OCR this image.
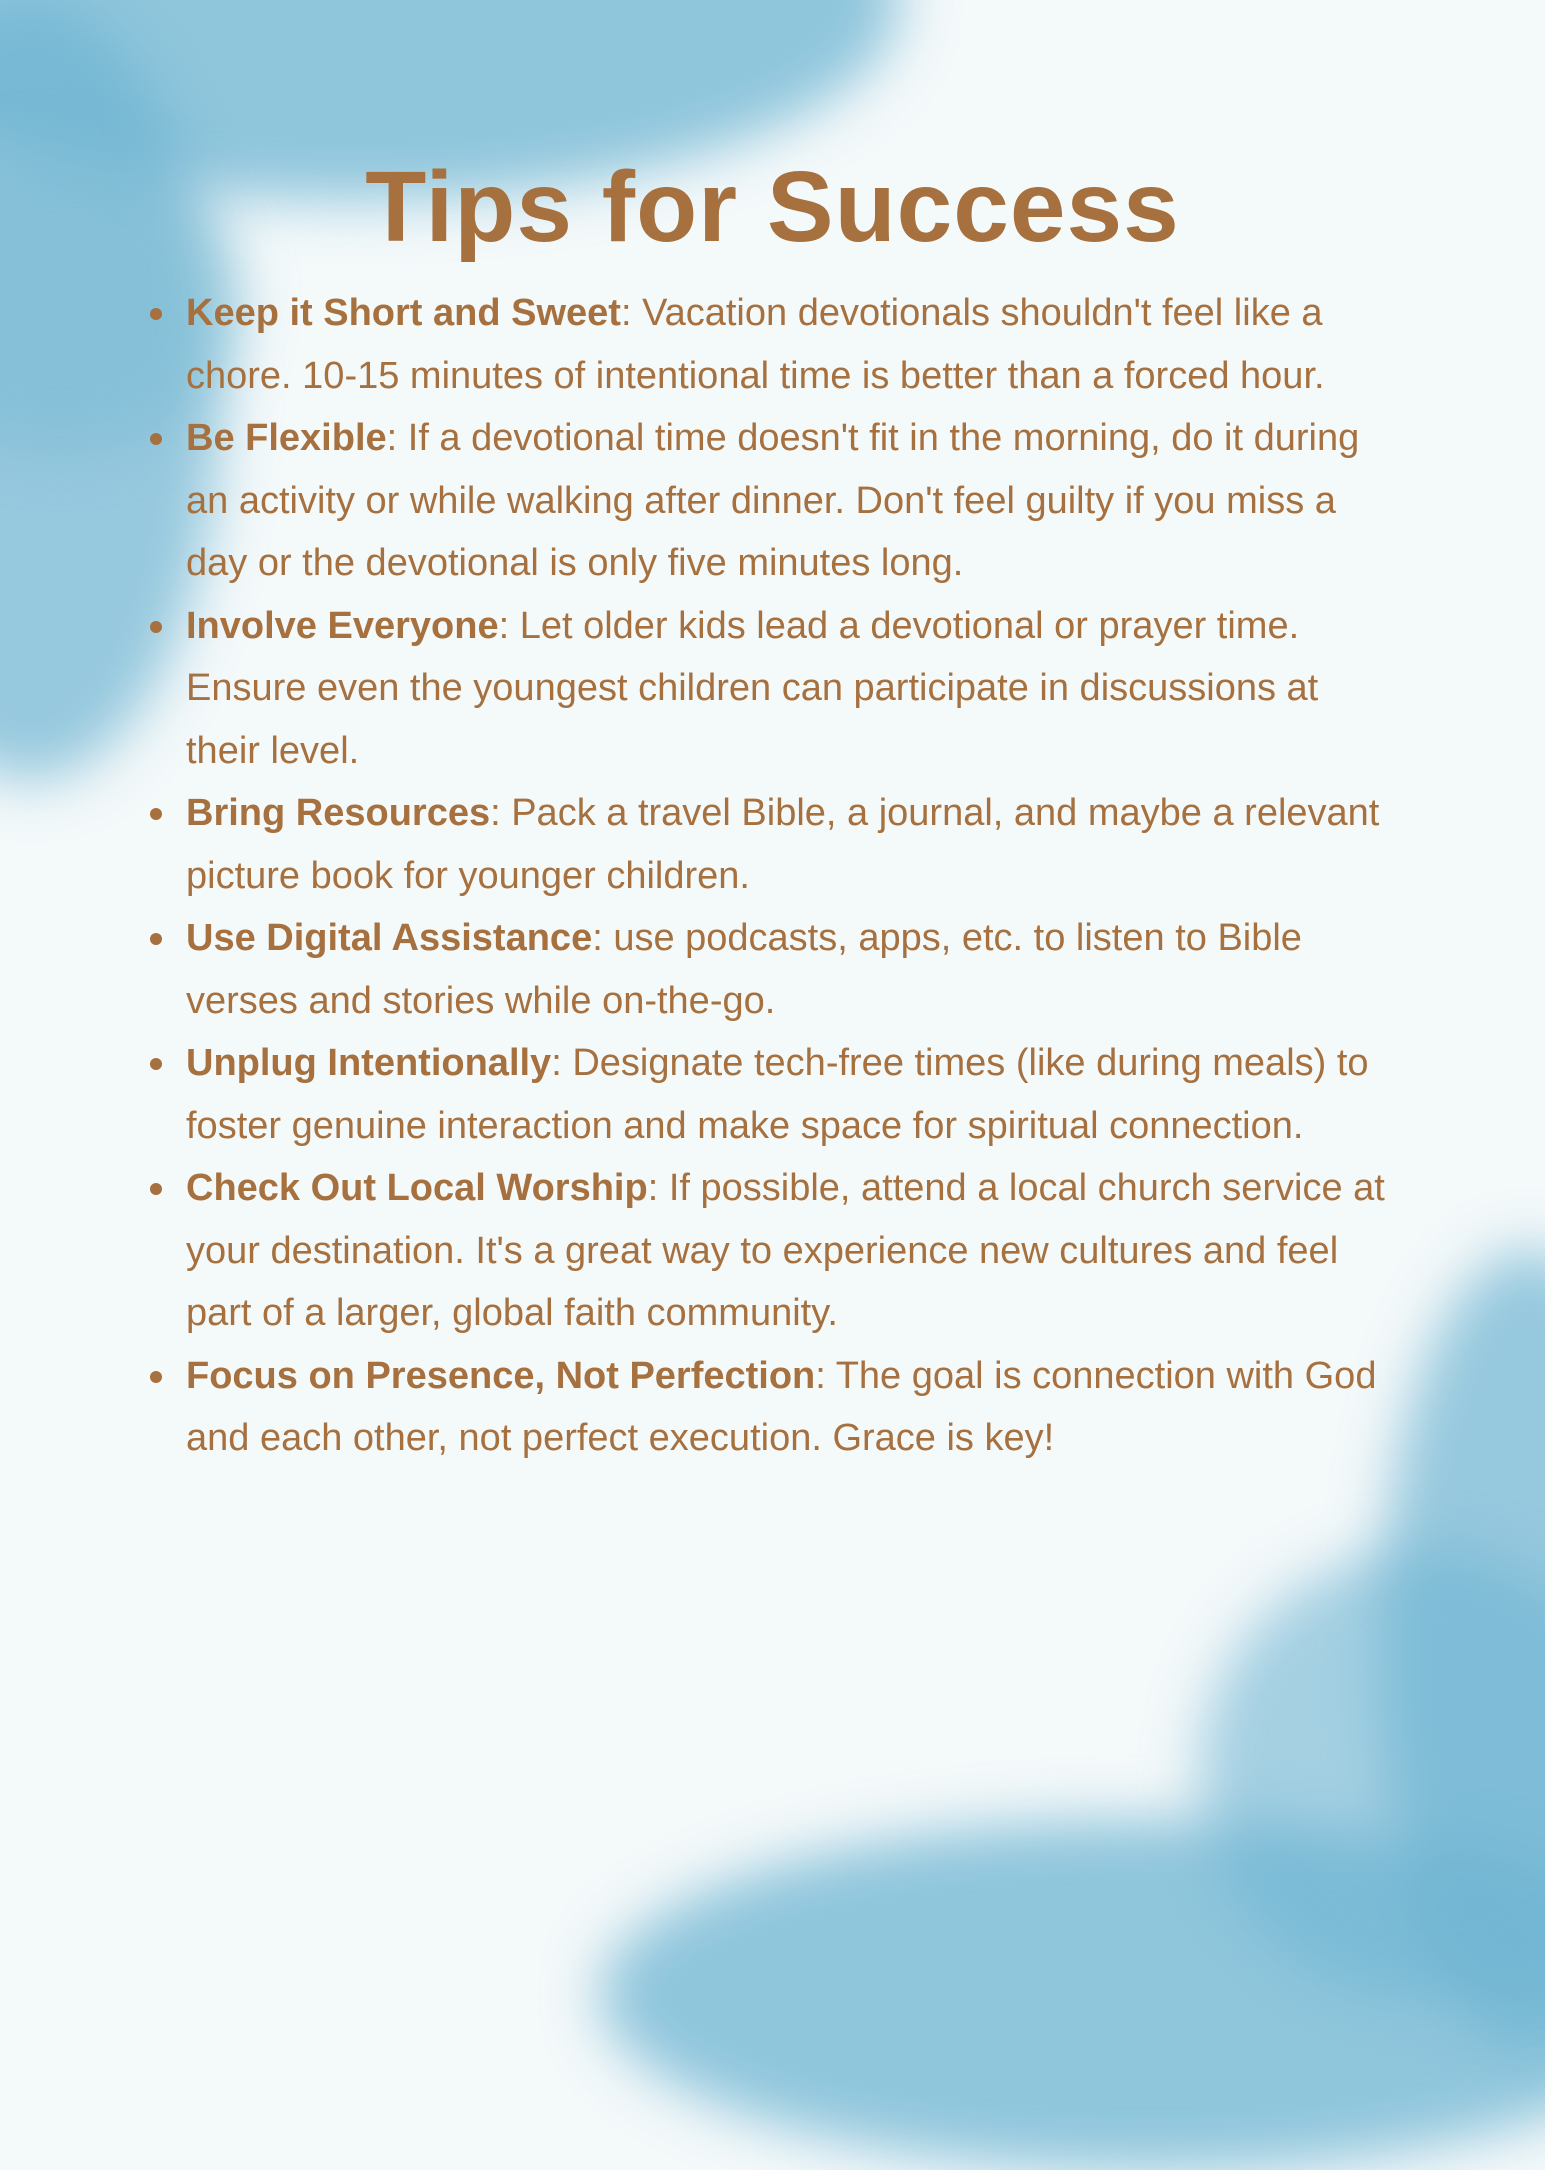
Tips for Success
Keep it Short and Sweet: Vacation devotionals shouldn't feel like a chore. 10-15 minutes of intentional time is better than a forced hour.
Be Flexible: If a devotional time doesn't fit in the morning, do it during an activity or while walking after dinner. Don't feel guilty if you miss a day or the devotional is only five minutes long.
Involve Everyone: Let older kids lead a devotional or prayer time. Ensure even the youngest children can participate in discussions at their level.
Bring Resources: Pack a travel Bible, a journal, and maybe a relevant picture book for younger children.
Use Digital Assistance: use podcasts, apps, etc. to listen to Bible verses and stories while on-the-go.
Unplug Intentionally: Designate tech-free times (like during meals) to foster genuine interaction and make space for spiritual connection.
Check Out Local Worship: If possible, attend a local church service at your destination. It's a great way to experience new cultures and feel part of a larger, global faith community.
Focus on Presence, Not Perfection: The goal is connection with God and each other, not perfect execution. Grace is key!
